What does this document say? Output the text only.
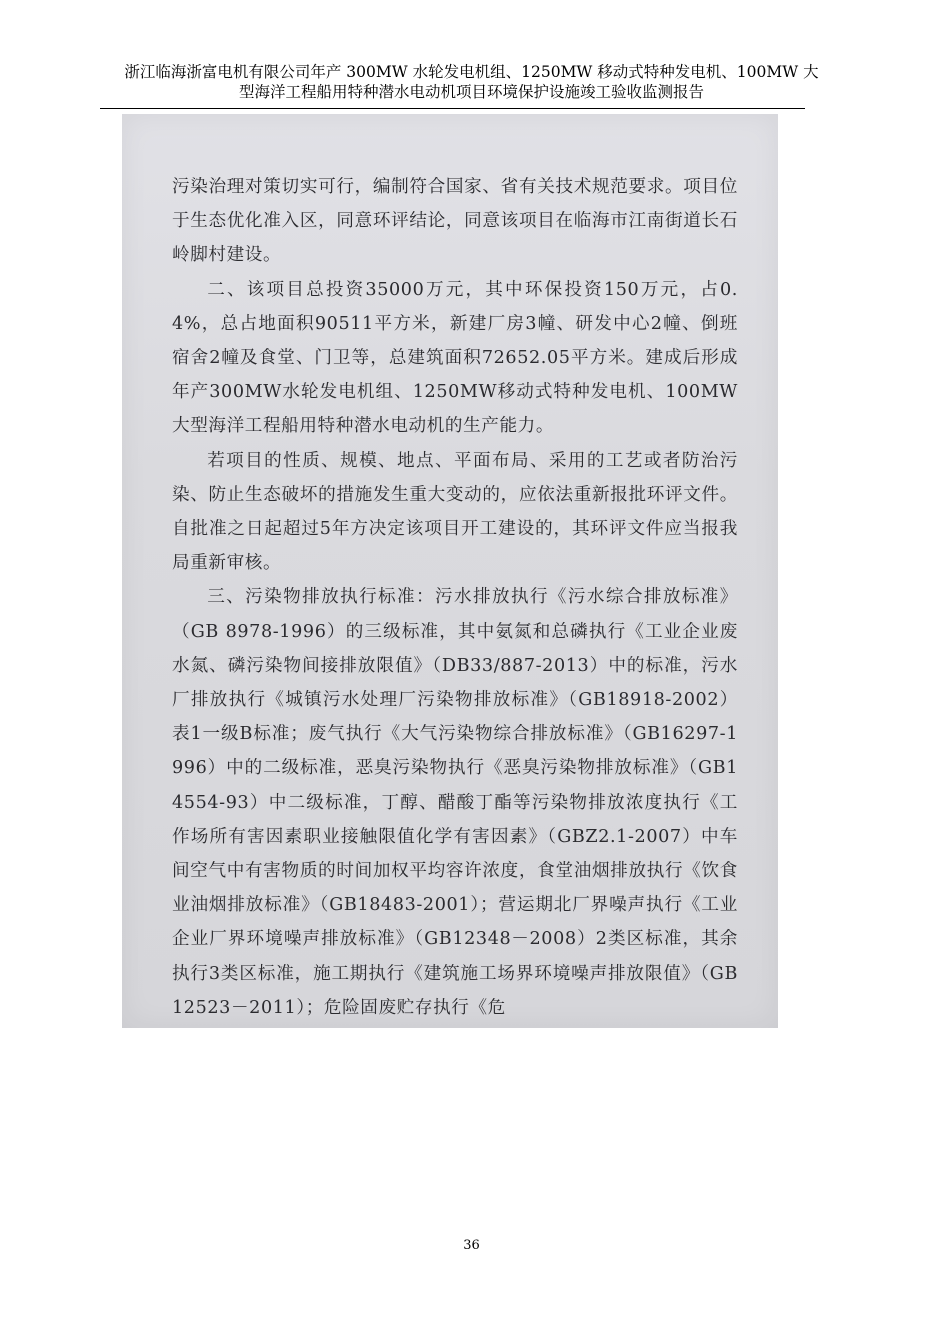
浙江临海浙富电机有限公司年产 300MW 水轮发电机组、1250MW 移动式特种发电机、100MW 大
型海洋工程船用特种潜水电动机项目环境保护设施竣工验收监测报告

污染治理对策切实可行，编制符合国家、省有关技术规范要求。项目位于生态优化准入区，同意环评结论，同意该项目在临海市江南街道长石岭脚村建设。

二、该项目总投资35000万元，其中环保投资150万元，占0.4%，总占地面积90511平方米，新建厂房3幢、研发中心2幢、倒班宿舍2幢及食堂、门卫等，总建筑面积72652.05平方米。建成后形成年产300MW水轮发电机组、1250MW移动式特种发电机、100MW大型海洋工程船用特种潜水电动机的生产能力。

若项目的性质、规模、地点、平面布局、采用的工艺或者防治污染、防止生态破坏的措施发生重大变动的，应依法重新报批环评文件。自批准之日起超过5年方决定该项目开工建设的，其环评文件应当报我局重新审核。

三、污染物排放执行标准：污水排放执行《污水综合排放标准》（GB 8978-1996）的三级标准，其中氨氮和总磷执行《工业企业废水氮、磷污染物间接排放限值》（DB33/887-2013）中的标准，污水厂排放执行《城镇污水处理厂污染物排放标准》（GB18918-2002）表1一级B标准；废气执行《大气污染物综合排放标准》（GB16297-1996）中的二级标准，恶臭污染物执行《恶臭污染物排放标准》（GB14554-93）中二级标准，丁醇、醋酸丁酯等污染物排放浓度执行《工作场所有害因素职业接触限值化学有害因素》（GBZ2.1-2007）中车间空气中有害物质的时间加权平均容许浓度，食堂油烟排放执行《饮食业油烟排放标准》（GB18483-2001）；营运期北厂界噪声执行《工业企业厂界环境噪声排放标准》（GB12348－2008）2类区标准，其余执行3类区标准，施工期执行《建筑施工场界环境噪声排放限值》（GB12523－2011）；危险固废贮存执行《危

36
